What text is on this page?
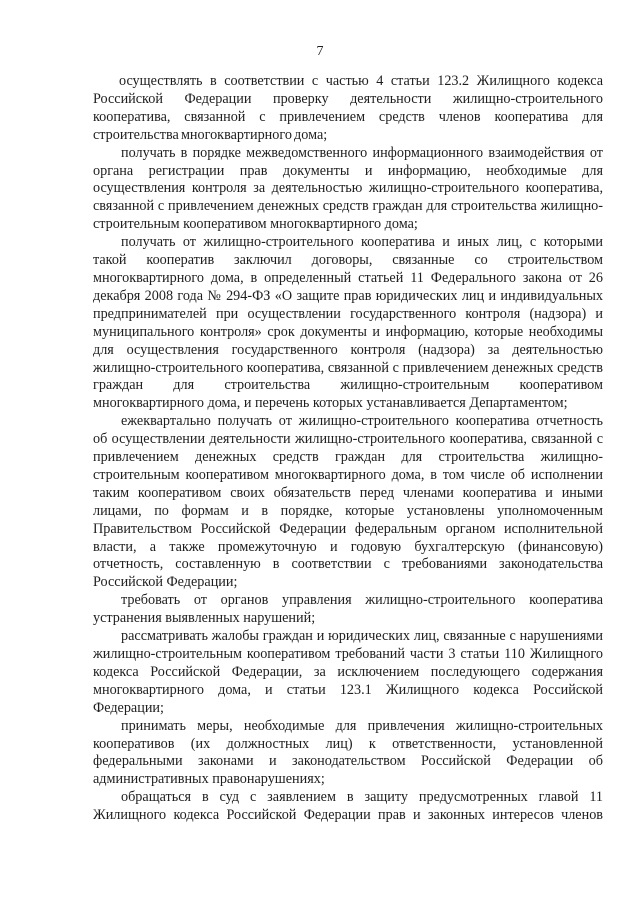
7

осуществлять в соответствии с частью 4 статьи 123.2 Жилищного кодекса Российской Федерации проверку деятельности жилищно-строительного кооператива, связанной с привлечением средств членов кооператива для строительства многоквартирного дома;

получать в порядке межведомственного информационного взаимодействия от органа регистрации прав документы и информацию, необходимые для осуществления контроля за деятельностью жилищно-строительного кооператива, связанной с привлечением денежных средств граждан для строительства жилищно-строительным кооперативом многоквартирного дома;

получать от жилищно-строительного кооператива и иных лиц, с которыми такой кооператив заключил договоры, связанные со строительством многоквартирного дома, в определенный статьей 11 Федерального закона от 26 декабря 2008 года № 294-ФЗ «О защите прав юридических лиц и индивидуальных предпринимателей при осуществлении государственного контроля (надзора) и муниципального контроля» срок документы и информацию, которые необходимы для осуществления государственного контроля (надзора) за деятельностью жилищно-строительного кооператива, связанной с привлечением денежных средств граждан для строительства жилищно-строительным кооперативом многоквартирного дома, и перечень которых устанавливается Департаментом;

ежеквартально получать от жилищно-строительного кооператива отчетность об осуществлении деятельности жилищно-строительного кооператива, связанной с привлечением денежных средств граждан для строительства жилищно-строительным кооперативом многоквартирного дома, в том числе об исполнении таким кооперативом своих обязательств перед членами кооператива и иными лицами, по формам и в порядке, которые установлены уполномоченным Правительством Российской Федерации федеральным органом исполнительной власти, а также промежуточную и годовую бухгалтерскую (финансовую) отчетность, составленную в соответствии с требованиями законодательства Российской Федерации;

требовать от органов управления жилищно-строительного кооператива устранения выявленных нарушений;

рассматривать жалобы граждан и юридических лиц, связанные с нарушениями жилищно-строительным кооперативом требований части 3 статьи 110 Жилищного кодекса Российской Федерации, за исключением последующего содержания многоквартирного дома, и статьи 123.1 Жилищного кодекса Российской Федерации;

принимать меры, необходимые для привлечения жилищно-строительных кооперативов (их должностных лиц) к ответственности, установленной федеральными законами и законодательством Российской Федерации об административных правонарушениях;

обращаться в суд с заявлением в защиту предусмотренных главой 11 Жилищного кодекса Российской Федерации прав и законных интересов членов
